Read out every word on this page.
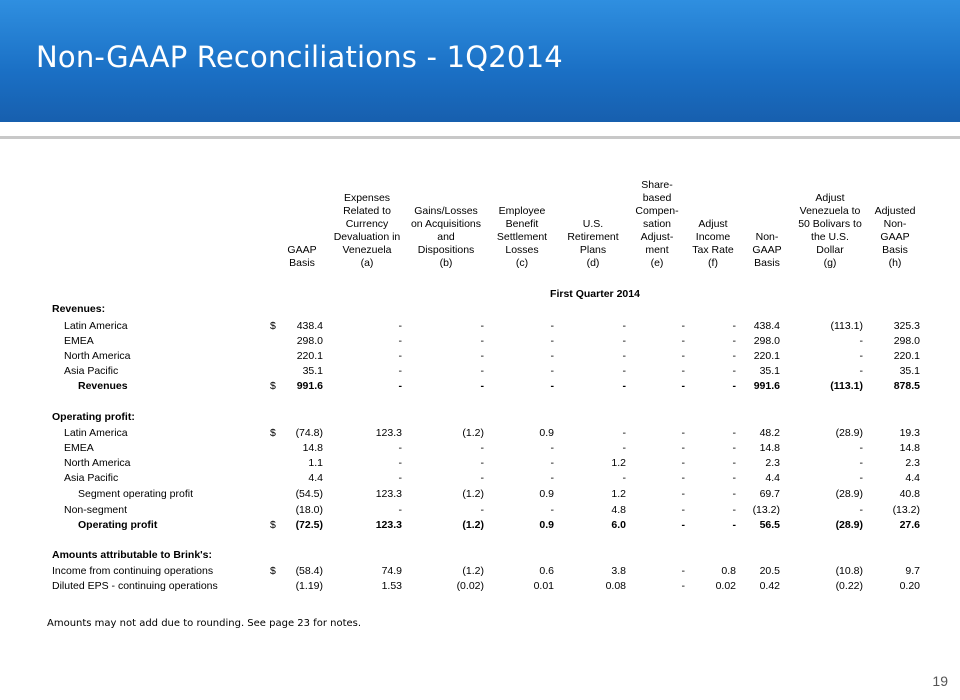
Non-GAAP Reconciliations - 1Q2014
GAAP
Basis
Expenses
Related to
Currency
Devaluation in
Venezuela
(a)
Gains/Losses
on Acquisitions
and
Dispositions
(b)
Employee
Benefit
Settlement
Losses
(c)
U.S.
Retirement
Plans
(d)
Share-
based
Compen-
sation
Adjust-
ment
(e)
Adjust
Income
Tax Rate
(f)
Non-
GAAP
Basis
Adjust
Venezuela to
50 Bolivars to
the U.S.
Dollar
(g)
Adjusted
Non-
GAAP
Basis
(h)
First Quarter 2014
Revenues:
Latin America	$ 438.4	-	-	-	-	-	- 438.4	(113.1)	325.3
EMEA	298.0	-	-	-	-	-	- 298.0	-	298.0
North America	220.1	-	-	-	-	-	- 220.1	-	220.1
Asia Pacific	35.1	-	-	-	-	-	- 35.1	-	35.1
Revenues	$ 991.6	-	-	-	-	-	- 991.6	(113.1)	878.5
Operating profit:
Latin America	$ (74.8)	123.3	(1.2)	0.9	-	-	- 48.2	(28.9)	19.3
EMEA	14.8	-	-	-	-	-	- 14.8	-	14.8
North America	1.1	-	-	-	1.2	-	-	2.3	-	2.3
Asia Pacific	4.4	-	-	-	-	-	-	4.4	-	4.4
Segment operating profit	(54.5)	123.3	(1.2)	0.9	1.2	-	- 69.7	(28.9)	40.8
Non-segment	(18.0)	-	-	-	4.8	-	- (13.2)	-	(13.2)
Operating profit	$ (72.5)	123.3	(1.2)	0.9	6.0	-	- 56.5	(28.9)	27.6
Amounts attributable to Brink's:
Income from continuing operations	$ (58.4)	74.9	(1.2)	0.6	3.8	-	0.8 20.5	(10.8)	9.7
Diluted EPS - continuing operations	(1.19)	1.53	(0.02)	0.01	0.08	-	0.02 0.42	(0.22)	0.20
Amounts may not add due to rounding. See page 23 for notes.
19
